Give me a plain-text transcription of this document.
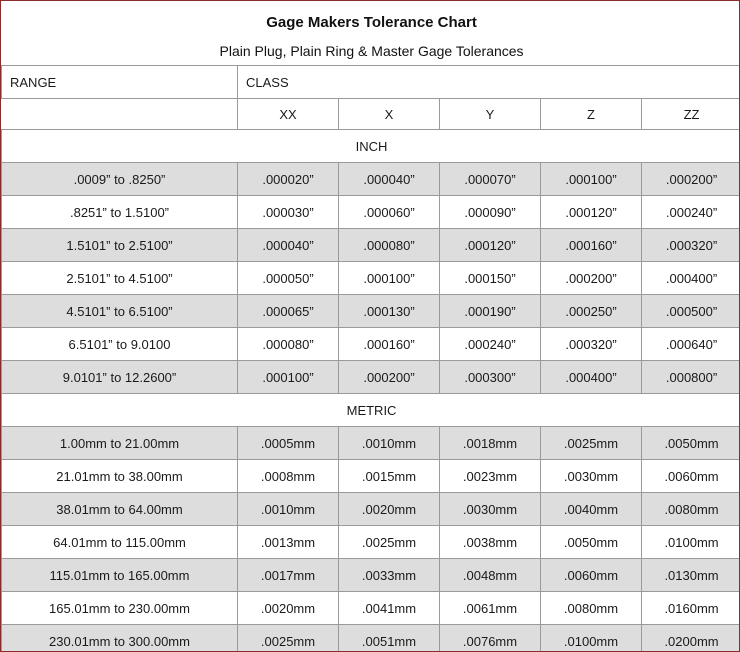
Gage Makers Tolerance Chart					
Plain Plug, Plain Ring & Master Gage Tolerances					
RANGE	CLASS				
	XX	X	Y	Z	ZZ
INCH					
.0009” to .8250”	.000020”	.000040”	.000070”	.000100”	.000200”
.8251” to 1.5100”	.000030”	.000060”	.000090”	.000120”	.000240”
1.5101” to 2.5100”	.000040”	.000080”	.000120”	.000160”	.000320”
2.5101” to 4.5100”	.000050”	.000100”	.000150”	.000200”	.000400”
4.5101” to 6.5100”	.000065”	.000130”	.000190”	.000250”	.000500”
6.5101” to 9.0100	.000080”	.000160”	.000240”	.000320”	.000640”
9.0101” to 12.2600”	.000100”	.000200”	.000300”	.000400”	.000800”
METRIC					
1.00mm to 21.00mm	.0005mm	.0010mm	.0018mm	.0025mm	.0050mm
21.01mm to 38.00mm	.0008mm	.0015mm	.0023mm	.0030mm	.0060mm
38.01mm to 64.00mm	.0010mm	.0020mm	.0030mm	.0040mm	.0080mm
64.01mm to 115.00mm	.0013mm	.0025mm	.0038mm	.0050mm	.0100mm
115.01mm to 165.00mm	.0017mm	.0033mm	.0048mm	.0060mm	.0130mm
165.01mm to 230.00mm	.0020mm	.0041mm	.0061mm	.0080mm	.0160mm
230.01mm to 300.00mm	.0025mm	.0051mm	.0076mm	.0100mm	.0200mm
